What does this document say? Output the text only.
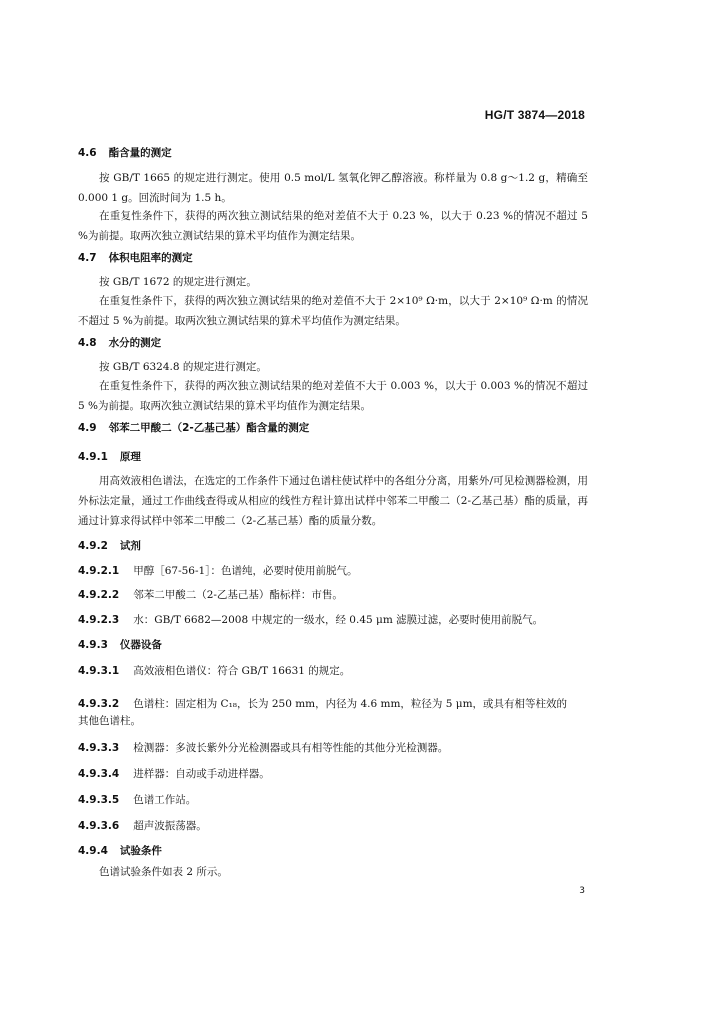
HG/T 3874—2018
4.6 酯含量的测定
按 GB/T 1665 的规定进行测定。使用 0.5 mol/L 氢氧化钾乙醇溶液。称样量为 0.8 g～1.2 g，精确至 0.000 1 g。回流时间为 1.5 h。
在重复性条件下，获得的两次独立测试结果的绝对差值不大于 0.23 %，以大于 0.23 %的情况不超过 5 %为前提。取两次独立测试结果的算术平均值作为测定结果。
4.7 体积电阻率的测定
按 GB/T 1672 的规定进行测定。
在重复性条件下，获得的两次独立测试结果的绝对差值不大于 2×10⁹ Ω·m，以大于 2×10⁹ Ω·m 的情况不超过 5 %为前提。取两次独立测试结果的算术平均值作为测定结果。
4.8 水分的测定
按 GB/T 6324.8 的规定进行测定。
在重复性条件下，获得的两次独立测试结果的绝对差值不大于 0.003 %，以大于 0.003 %的情况不超过 5 %为前提。取两次独立测试结果的算术平均值作为测定结果。
4.9 邻苯二甲酸二（2-乙基己基）酯含量的测定
4.9.1 原理
用高效液相色谱法，在选定的工作条件下通过色谱柱使试样中的各组分分离，用紫外/可见检测器检测，用外标法定量，通过工作曲线查得或从相应的线性方程计算出试样中邻苯二甲酸二（2-乙基己基）酯的质量，再通过计算求得试样中邻苯二甲酸二（2-乙基己基）酯的质量分数。
4.9.2 试剂
4.9.2.1 甲醇［67-56-1］：色谱纯，必要时使用前脱气。
4.9.2.2 邻苯二甲酸二（2-乙基己基）酯标样：市售。
4.9.2.3 水：GB/T 6682—2008 中规定的一级水，经 0.45 μm 滤膜过滤，必要时使用前脱气。
4.9.3 仪器设备
4.9.3.1 高效液相色谱仪：符合 GB/T 16631 的规定。
4.9.3.2 色谱柱：固定相为 C₁₈，长为 250 mm，内径为 4.6 mm，粒径为 5 μm，或具有相等柱效的
其他色谱柱。
4.9.3.3 检测器：多波长紫外分光检测器或具有相等性能的其他分光检测器。
4.9.3.4 进样器：自动或手动进样器。
4.9.3.5 色谱工作站。
4.9.3.6 超声波振荡器。
4.9.4 试验条件
色谱试验条件如表 2 所示。
3
